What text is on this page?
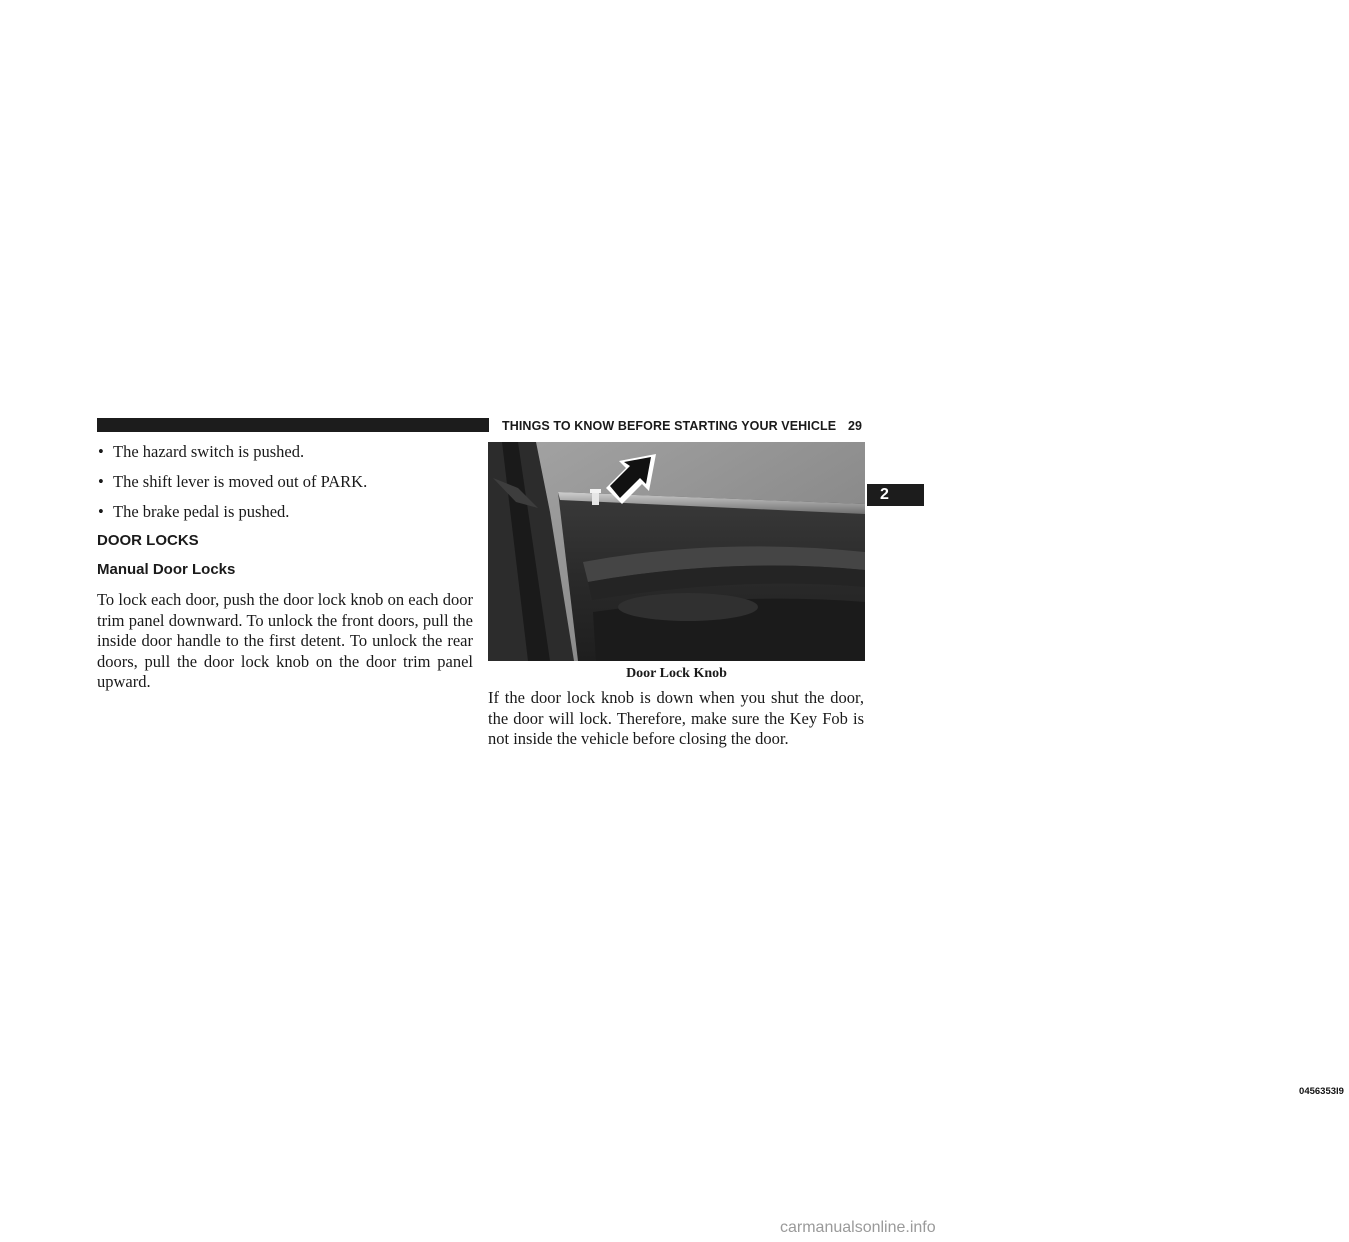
THINGS TO KNOW BEFORE STARTING YOUR VEHICLE 29
2
• The hazard switch is pushed.
• The shift lever is moved out of PARK.
• The brake pedal is pushed.
DOOR LOCKS
Manual Door Locks

To lock each door, push the door lock knob on each door trim panel downward. To unlock the front doors, pull the inside door handle to the first detent. To unlock the rear doors, pull the door lock knob on the door trim panel upward.

0456353l9
Door Lock Knob

If the door lock knob is down when you shut the door, the door will lock. Therefore, make sure the Key Fob is not inside the vehicle before closing the door.

carmanualsonline.info
